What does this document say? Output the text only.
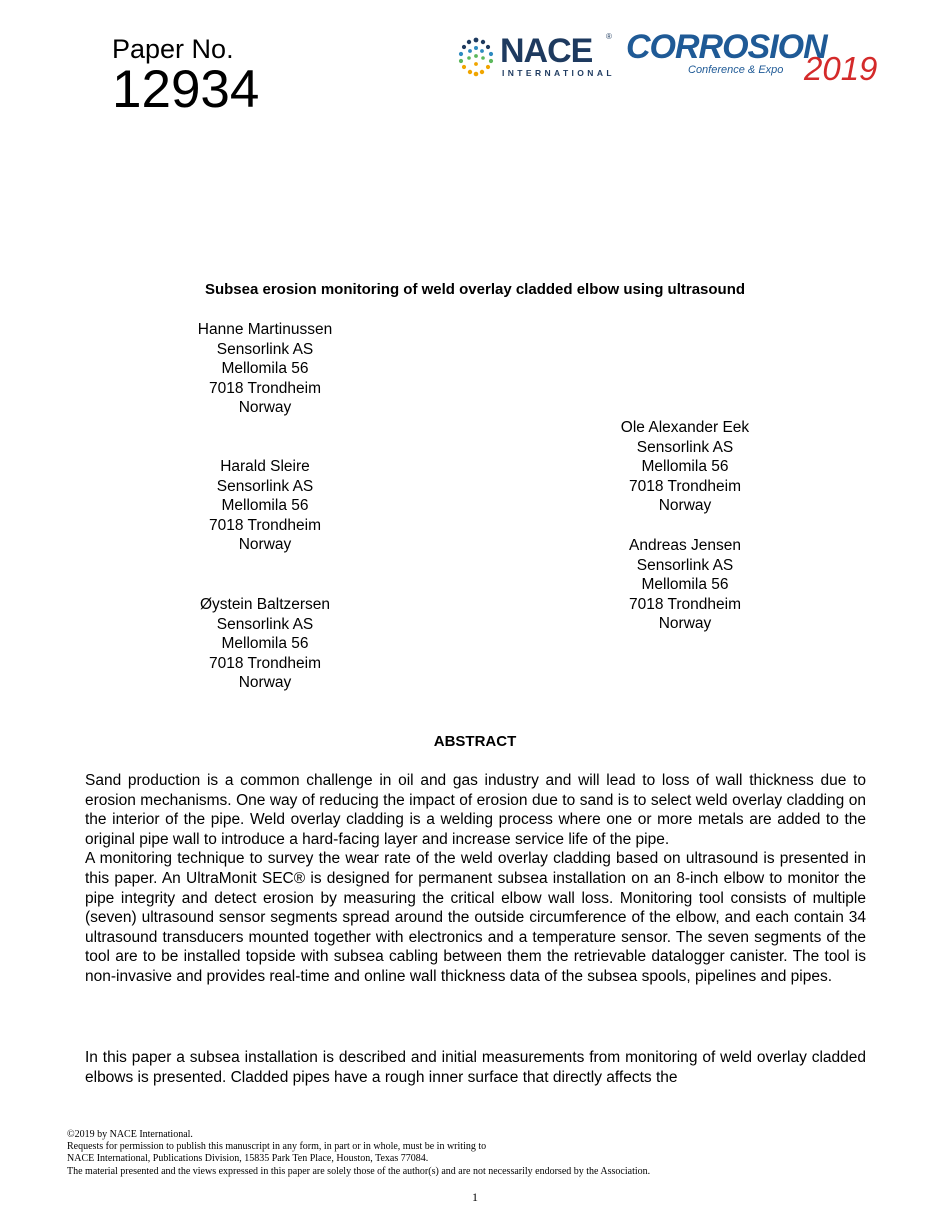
Paper No.
12934
NACE ®
INTERNATIONAL
CORROSION
Conference & Expo 2019
Subsea erosion monitoring of weld overlay cladded elbow using ultrasound
Hanne Martinussen
Sensorlink AS
Mellomila 56
7018 Trondheim
Norway
Harald Sleire
Sensorlink AS
Mellomila 56
7018 Trondheim
Norway
Øystein Baltzersen
Sensorlink AS
Mellomila 56
7018 Trondheim
Norway
Ole Alexander Eek
Sensorlink AS
Mellomila 56
7018 Trondheim
Norway
Andreas Jensen
Sensorlink AS
Mellomila 56
7018 Trondheim
Norway
ABSTRACT

Sand production is a common challenge in oil and gas industry and will lead to loss of wall thickness due to erosion mechanisms. One way of reducing the impact of erosion due to sand is to select weld overlay cladding on the interior of the pipe. Weld overlay cladding is a welding process where one or more metals are added to the original pipe wall to introduce a hard-facing layer and increase service life of the pipe.

A monitoring technique to survey the wear rate of the weld overlay cladding based on ultrasound is presented in this paper. An UltraMonit SEC® is designed for permanent subsea installation on an 8-inch elbow to monitor the pipe integrity and detect erosion by measuring the critical elbow wall loss. Monitoring tool consists of multiple (seven) ultrasound sensor segments spread around the outside circumference of the elbow, and each contain 34 ultrasound transducers mounted together with electronics and a temperature sensor. The seven segments of the tool are to be installed topside with subsea cabling between them the retrievable datalogger canister. The tool is non-invasive and provides real-time and online wall thickness data of the subsea spools, pipelines and pipes.

In this paper a subsea installation is described and initial measurements from monitoring of weld overlay cladded elbows is presented. Cladded pipes have a rough inner surface that directly affects the

©2019 by NACE International.
Requests for permission to publish this manuscript in any form, in part or in whole, must be in writing to
NACE International, Publications Division, 15835 Park Ten Place, Houston, Texas 77084.
The material presented and the views expressed in this paper are solely those of the author(s) and are not necessarily endorsed by the Association.
1
